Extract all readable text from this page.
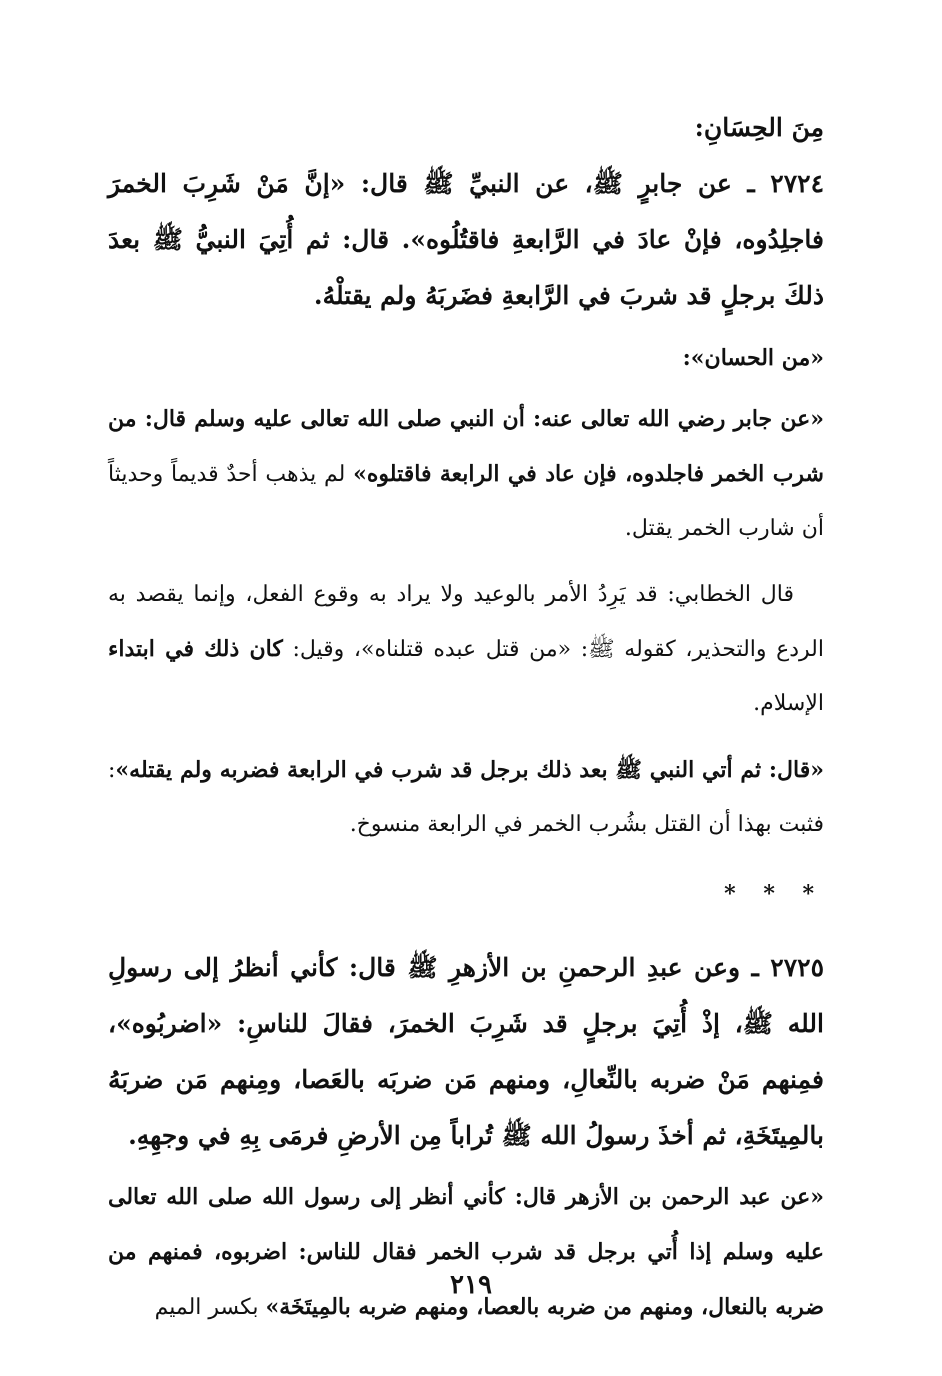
مِنَ الحِسَانِ:

٢٧٢٤ ـ عن جابرٍ ﷺ، عن النبيِّ ﷺ قال: «إنَّ مَنْ شَرِبَ الخمرَ فاجلِدُوه، فإنْ عادَ في الرَّابعةِ فاقتُلُوه». قال: ثم أُتِيَ النبيُّ ﷺ بعدَ ذلكَ برجلٍ قد شربَ في الرَّابعةِ فضَربَهُ ولم يقتلْهُ.

«من الحسان»:

«عن جابر رضي الله تعالى عنه: أن النبي صلى الله تعالى عليه وسلم قال: من شرب الخمر فاجلدوه، فإن عاد في الرابعة فاقتلوه» لم يذهب أحدٌ قديماً وحديثاً أن شارب الخمر يقتل.

قال الخطابي: قد يَرِدُ الأمر بالوعيد ولا يراد به وقوع الفعل، وإنما يقصد به الردع والتحذير، كقوله ﷺ: «من قتل عبده قتلناه»، وقيل: كان ذلك في ابتداء الإسلام.

«قال: ثم أتي النبي ﷺ بعد ذلك برجل قد شرب في الرابعة فضربه ولم يقتله»: فثبت بهذا أن القتل بشُرب الخمر في الرابعة منسوخ.

* * *

٢٧٢٥ ـ وعن عبدِ الرحمنِ بن الأزهرِ ﷺ قال: كأني أنظرُ إلى رسولِ الله ﷺ، إذْ أُتِيَ برجلٍ قد شَرِبَ الخمرَ، فقالَ للناسِ: «اضربُوه»، فمِنهم مَنْ ضربه بالنِّعالِ، ومنهم مَن ضربَه بالعَصا، ومِنهم مَن ضربَهُ بالمِيتَخَةِ، ثم أخذَ رسولُ الله ﷺ تُراباً مِن الأرضِ فرمَى بِهِ في وجهِهِ.

«عن عبد الرحمن بن الأزهر قال: كأني أنظر إلى رسول الله صلى الله تعالى عليه وسلم إذا أُتي برجل قد شرب الخمر فقال للناس: اضربوه، فمنهم من ضربه بالنعال، ومنهم من ضربه بالعصا، ومنهم ضربه بالمِيتَخَة» بكسر الميم

٢١٩
